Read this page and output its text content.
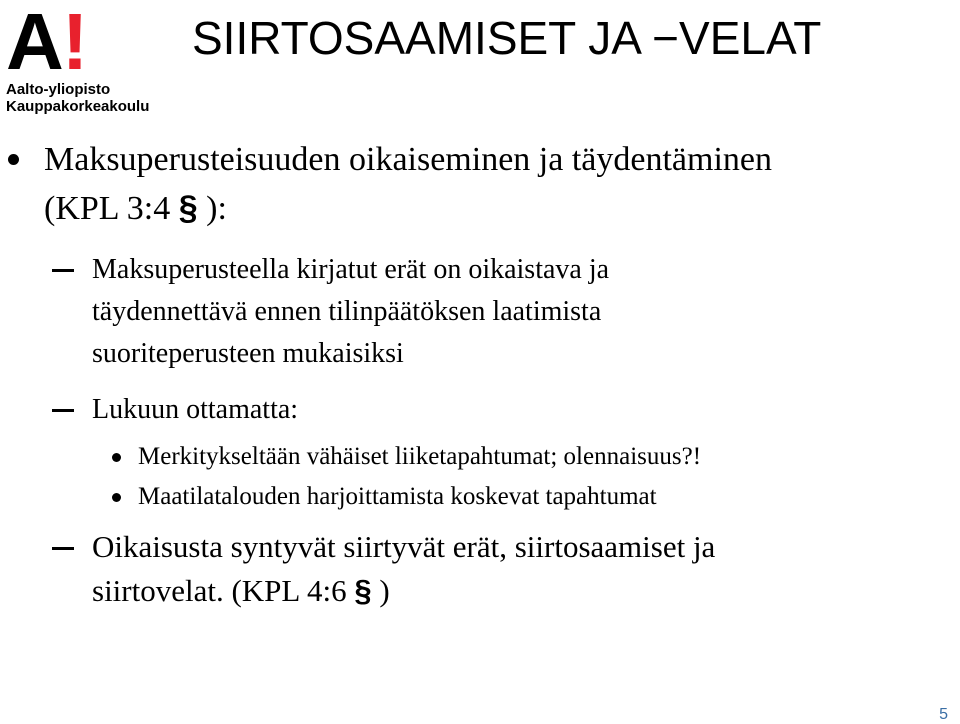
A!
Aalto-yliopisto
Kauppakorkeakoulu
SIIRTOSAAMISET JA −VELAT
Maksuperusteisuuden oikaiseminen ja täydentäminen
(KPL 3:4 § ):
Maksuperusteella kirjatut erät on oikaistava ja
täydennettävä ennen tilinpäätöksen laatimista
suoriteperusteen mukaisiksi
Lukuun ottamatta:
Merkitykseltään vähäiset liiketapahtumat; olennaisuus?!
Maatilatalouden harjoittamista koskevat tapahtumat
Oikaisusta syntyvät siirtyvät erät, siirtosaamiset ja
siirtovelat. (KPL 4:6 § )
5
